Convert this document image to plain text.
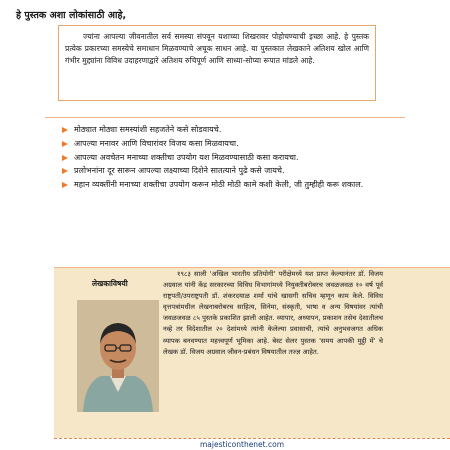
हे पुस्तक अशा लोकांसाठी आहे,
ज्यांना आपल्या जीवनातील सर्व समस्या संपवून यशाच्या शिखरावर पोहोचण्याची इच्छा आहे. हे पुस्तक प्रत्येक प्रकारच्या समस्येचे समाधान मिळवण्याचे अचूक साधन आहे. या पुस्तकात लेखकाने अतिशय खोल आणि गंभीर मुद्द्यांना विविध उदाहरणाद्वारे अतिशय रुचिपूर्ण आणि साध्या-सोप्या रूपात मांडले आहे.
मोठ्यात मोठ्या समस्यांशी सहजतेने कसे सोडवायचे.
आपल्या मनावर आणि विचारांवर विजय कसा मिळवायचा.
आपल्या अवचेतन मनाच्या शक्तीचा उपयोग यश मिळवण्यासाठी कसा करायचा.
प्रलोभनांना दूर सारून आपल्या लक्ष्याच्या दिशेने सातत्याने पुढे कसे जायचे.
महान व्यक्तींनी मनाच्या शक्तीचा उपयोग करून मोठी मोठी कामे कशी केली, जी तुम्हीही करू शकाल.
लेखकाविषयी
१९८३ साली 'अखिल भारतीय प्रतियोगी' परीक्षेमध्ये यश प्राप्त केल्यानंतर डॉ. विजय अग्रवाल यांनी केंद्र सरकारच्या विविध विभागांमध्ये नियुक्तीबरोबरच जवळजवळ १० वर्ष पूर्व राष्ट्रपती/उपराष्ट्रपती डॉ. शंकरदयाळ शर्मा यांचे खासगी सचिव म्हणून काम केले. विविध वृत्तपत्रांमधील लेखनाबरोबरच साहित्य, सिनेमा, संस्कृती, भाषा व अन्य विषयांवर त्यांची जवळजवळ ८५ पुस्तके प्रकाशित झाली आहेत. व्यापार, अध्यापन, प्रकाशन तसेच देशातीलच नव्हे तर विदेशातील २० देशांमध्ये त्यांनी केलेल्या प्रवासाची, त्यांचे अनुभवजगत अधिक व्यापक बनवण्यात महत्त्वपूर्ण भूमिका आहे. बेस्ट सेलर पुस्तक 'समय आपकी मुट्ठी में' चे लेखक डॉ. विजय अग्रवाल जीवन-प्रबंधन विषयातील तज्ज्ञ आहेत.
majesticonthenet.com
